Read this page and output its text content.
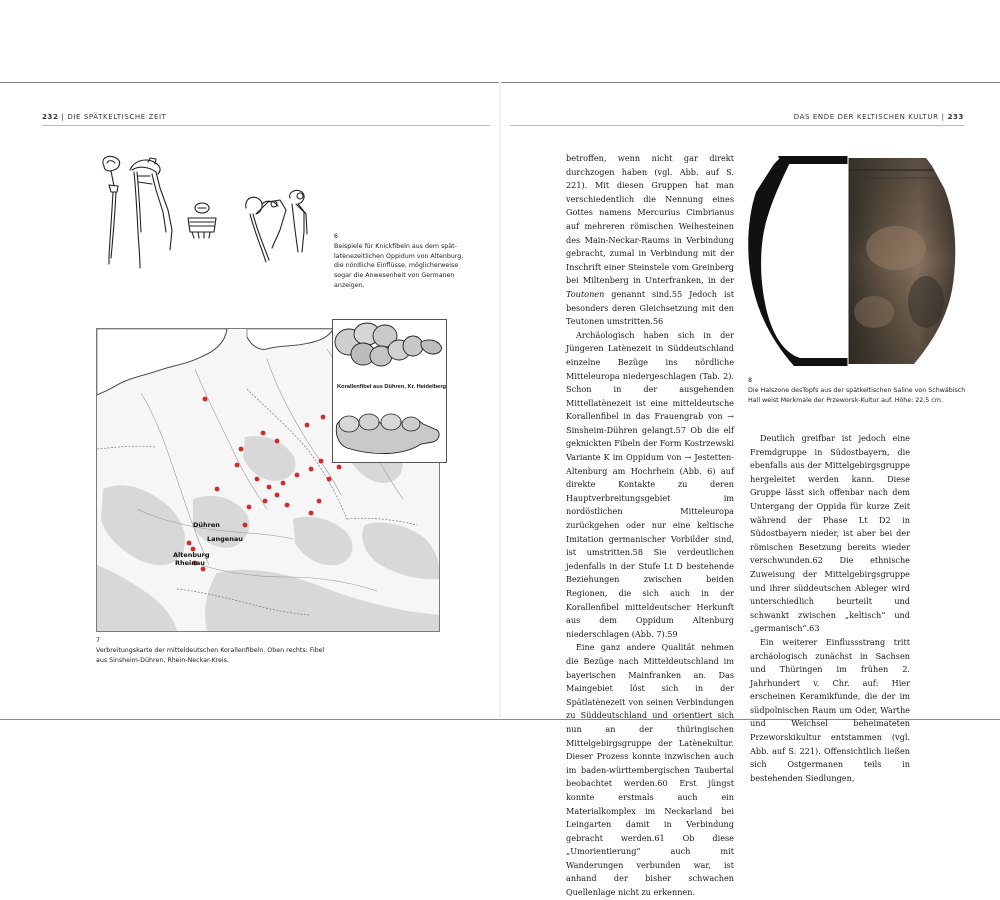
232 | DIE SPÄTKELTISCHE ZEIT	DAS ENDE DER KELTISCHEN KULTUR | 233
6

Beispiele für Knickfibeln aus dem spät-latènezeitlichen Oppidum von Altenburg, die nördliche Einflüsse, möglicherweise sogar die Anwesenheit von Germanen anzeigen.

Dühren
Langenau
Altenburg
Rheinau
Korallenfibel aus Dühren, Kr. Heidelberg
7

Verbreitungskarte der mitteldeutschen Korallenfibeln. Oben rechts: Fibel aus Sinsheim-Dühren, Rhein-Neckar-Kreis.

betroffen, wenn nicht gar direkt durchzogen haben (vgl. Abb. auf S. 221). Mit diesen Gruppen hat man verschiedentlich die Nennung eines Gottes namens Mercurius Cimbrianus auf mehreren römischen Weihesteinen des Main-Neckar-Raums in Verbindung gebracht, zumal in Verbindung mit der Inschrift einer Steinstele vom Greinberg bei Miltenberg in Unterfranken, in der Toutonen genannt sind.55 Jedoch ist besonders deren Gleichsetzung mit den Teutonen umstritten.56

Archäologisch haben sich in der Jüngeren Latènezeit in Süddeutschland einzelne Bezüge ins nördliche Mitteleuropa niedergeschlagen (Tab. 2). Schon in der ausgehenden Mittellatènezeit ist eine mitteldeutsche Korallenfibel in das Frauengrab von → Sinsheim-Dühren gelangt.57 Ob die elf geknickten Fibeln der Form Kostrzewski Variante K im Oppidum von → Jestetten-Altenburg am Hochrhein (Abb. 6) auf direkte Kontakte zu deren Hauptverbreitungsgebiet im nordöstlichen Mitteleuropa zurückgehen oder nur eine keltische Imitation germanischer Vorbilder sind, ist umstritten.58 Sie verdeutlichen jedenfalls in der Stufe Lt D bestehende Beziehungen zwischen beiden Regionen, die sich auch in der Korallenfibel mitteldeutscher Herkunft aus dem Oppidum Altenburg niederschlagen (Abb. 7).59

Eine ganz andere Qualität nehmen die Bezüge nach Mitteldeutschland im bayerischen Mainfranken an. Das Maingebiet löst sich in der Spätlatènezeit von seinen Verbindungen zu Süddeutschland und orientiert sich nun an der thüringischen Mittelgebirgsgruppe der Latènekultur. Dieser Prozess konnte inzwischen auch im baden-württembergischen Taubertal beobachtet werden.60 Erst jüngst konnte erstmals auch ein Materialkomplex im Neckarland bei Leingarten damit in Verbindung gebracht werden.61 Ob diese „Umorientierung“ auch mit Wanderungen verbunden war, ist anhand der bisher schwachen Quellenlage nicht zu erkennen.

8

Die Halszone desTopfs aus der spätkeltischen Saline von Schwäbisch Hall weist Merkmale der Przeworsk-Kultur auf. Höhe: 22,5 cm.

Deutlich greifbar ist jedoch eine Fremdgruppe in Südostbayern, die ebenfalls aus der Mittelgebirgsgruppe hergeleitet werden kann. Diese Gruppe lässt sich offenbar nach dem Untergang der Oppida für kurze Zeit während der Phase Lt D2 in Südostbayern nieder, ist aber bei der römischen Besetzung bereits wieder verschwunden.62 Die ethnische Zuweisung der Mittelgebirgsgruppe und ihrer süddeutschen Ableger wird unterschiedlich beurteilt und schwankt zwischen „keltisch“ und „germanisch“.63

Ein weiterer Einflussstrang tritt archäologisch zunächst in Sachsen und Thüringen im frühen 2. Jahrhundert v. Chr. auf: Hier erscheinen Keramikfunde, die der im südpolnischen Raum um Oder, Warthe und Weichsel beheimateten Przeworskikultur entstammen (vgl. Abb. auf S. 221). Offensichtlich ließen sich Ostgermanen teils in bestehenden Siedlungen,
